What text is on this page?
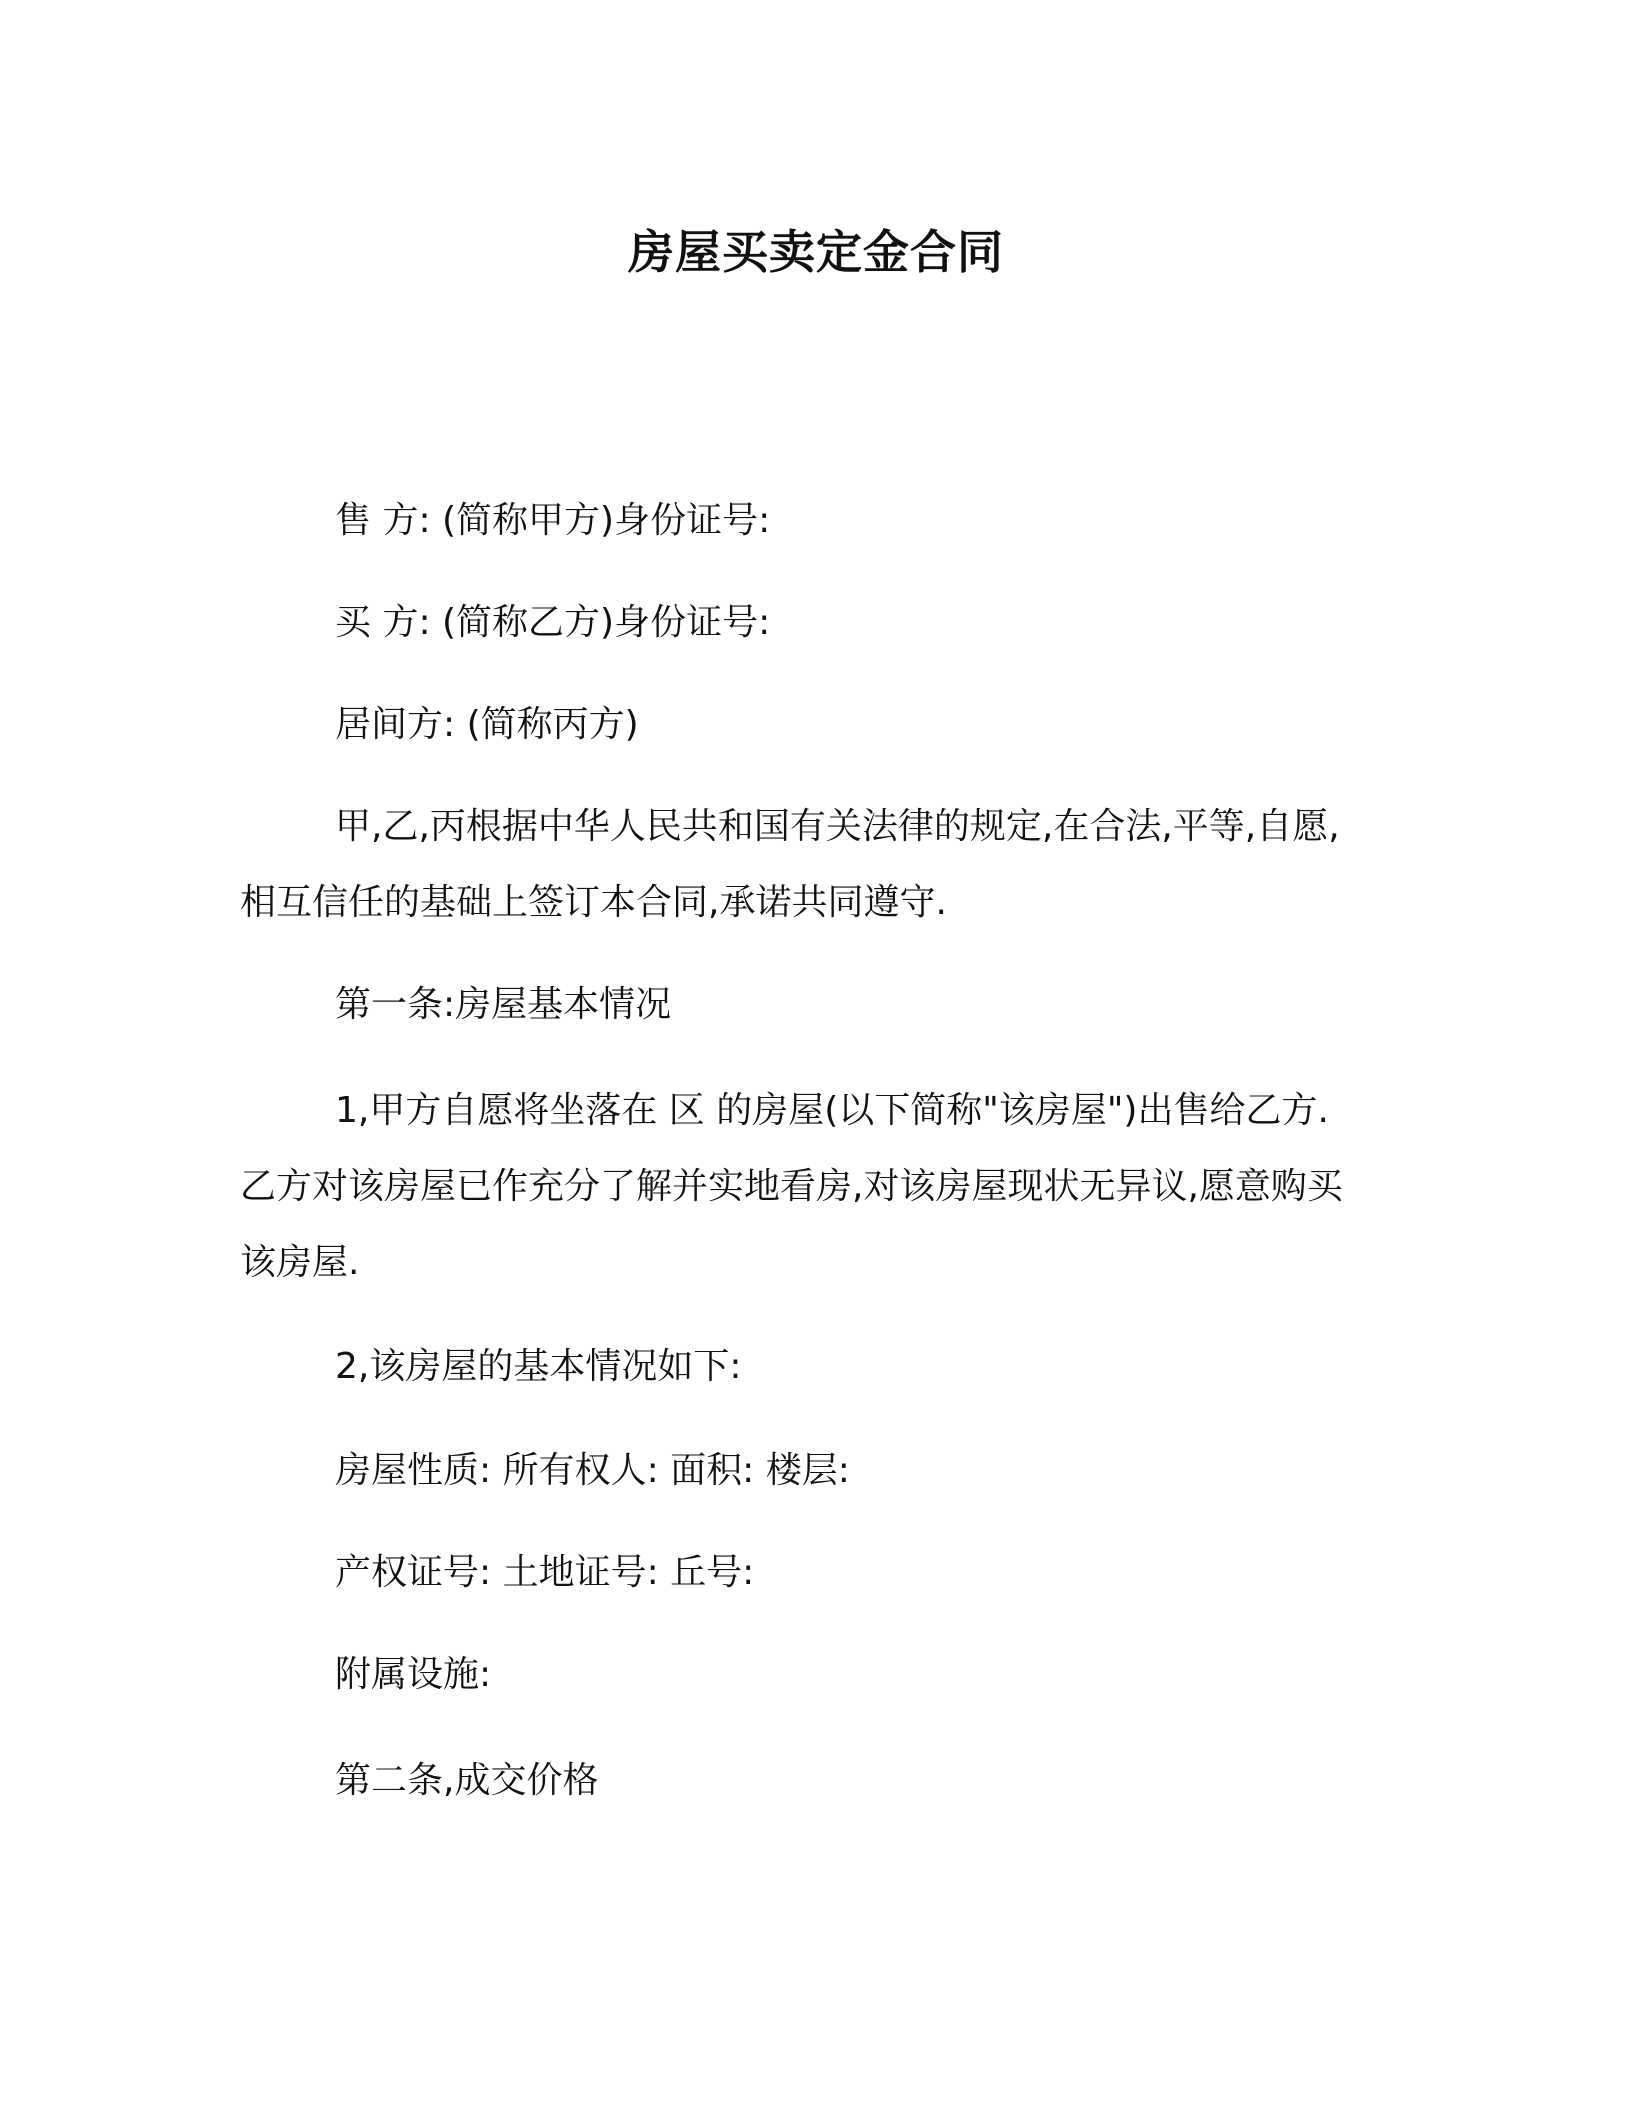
房屋买卖定金合同
售 方: (简称甲方)身份证号:
买 方: (简称乙方)身份证号:
居间方: (简称丙方)
甲,乙,丙根据中华人民共和国有关法律的规定,在合法,平等,自愿,
相互信任的基础上签订本合同,承诺共同遵守.
第一条:房屋基本情况
1,甲方自愿将坐落在 区 的房屋(以下简称"该房屋")出售给乙方.
乙方对该房屋已作充分了解并实地看房,对该房屋现状无异议,愿意购买
该房屋.
2,该房屋的基本情况如下:
房屋性质: 所有权人: 面积: 楼层:
产权证号: 土地证号: 丘号:
附属设施:
第二条,成交价格
